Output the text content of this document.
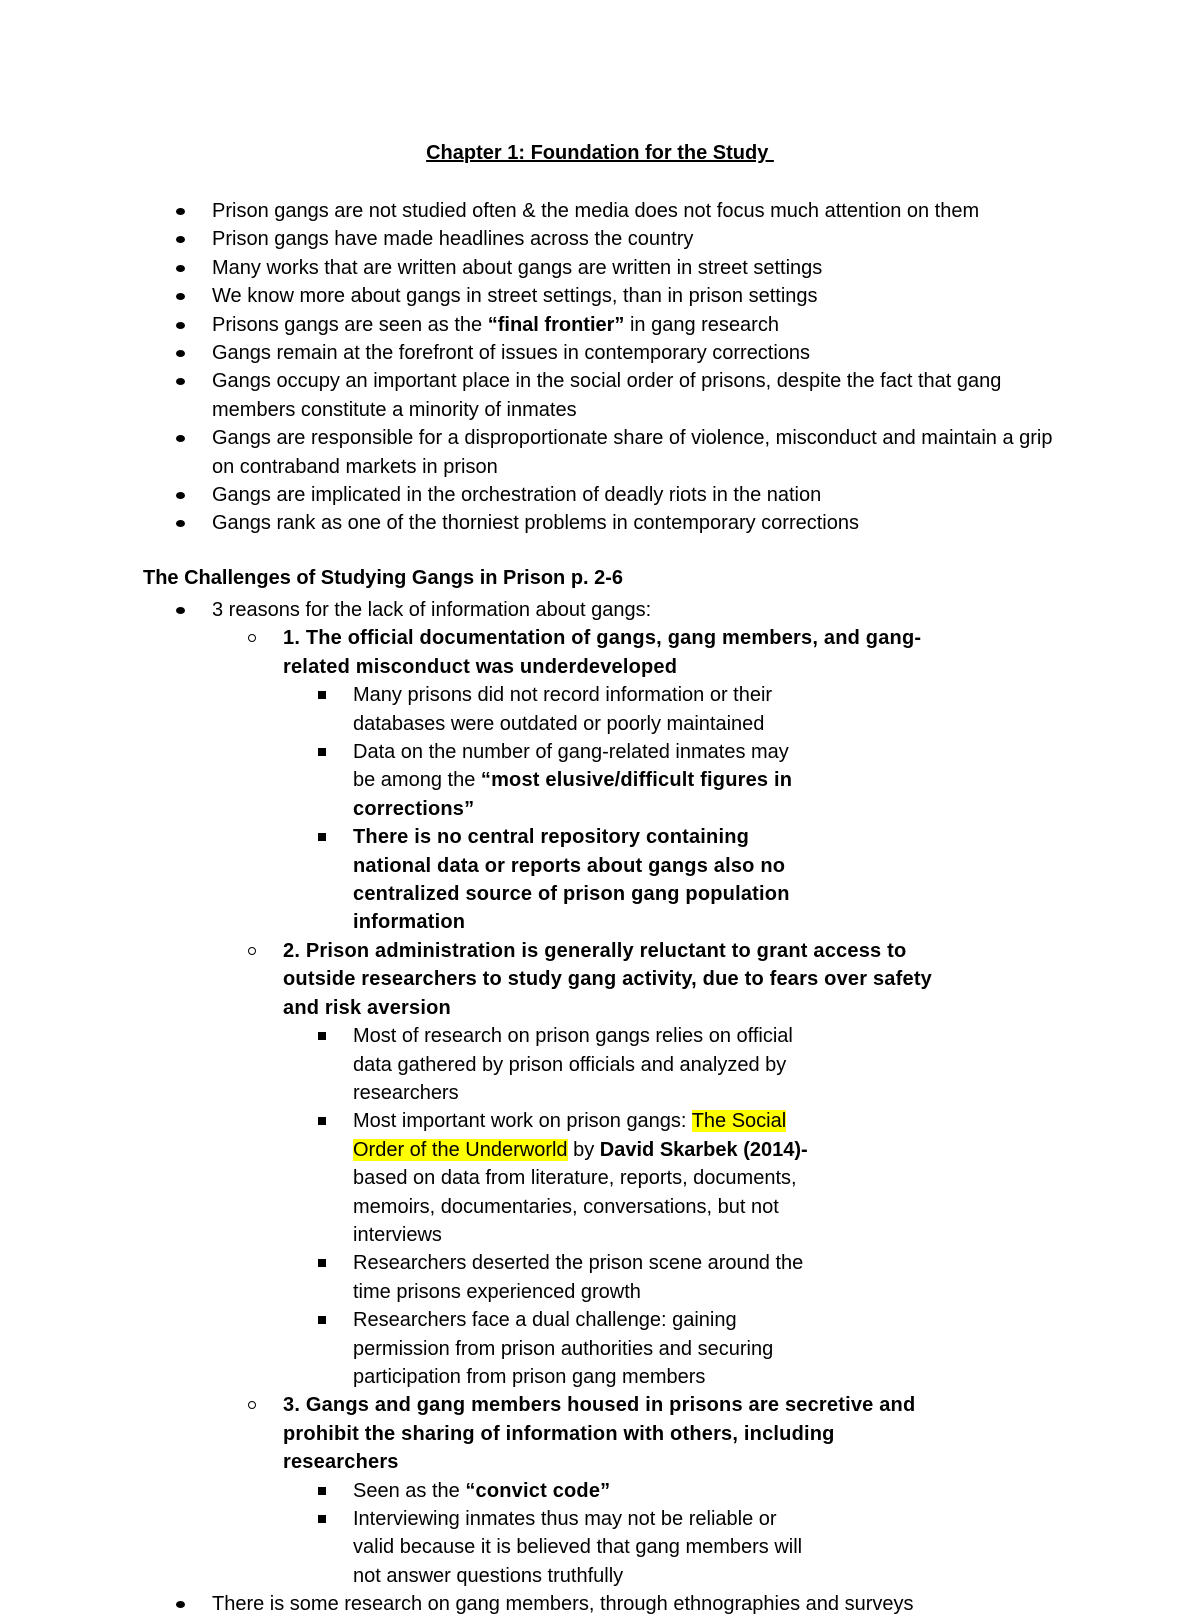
Chapter 1: Foundation for the Study
Prison gangs are not studied often & the media does not focus much attention on them
Prison gangs have made headlines across the country
Many works that are written about gangs are written in street settings
We know more about gangs in street settings, than in prison settings
Prisons gangs are seen as the “final frontier” in gang research
Gangs remain at the forefront of issues in contemporary corrections
Gangs occupy an important place in the social order of prisons, despite the fact that gang members constitute a minority of inmates
Gangs are responsible for a disproportionate share of violence, misconduct and maintain a grip on contraband markets in prison
Gangs are implicated in the orchestration of deadly riots in the nation
Gangs rank as one of the thorniest problems in contemporary corrections
The Challenges of Studying Gangs in Prison p. 2-6
3 reasons for the lack of information about gangs:
1. The official documentation of gangs, gang members, and gang-related misconduct was underdeveloped
Many prisons did not record information or their databases were outdated or poorly maintained
Data on the number of gang-related inmates may be among the “most elusive/difficult figures in corrections”
There is no central repository containing national data or reports about gangs also no centralized source of prison gang population information
2. Prison administration is generally reluctant to grant access to outside researchers to study gang activity, due to fears over safety and risk aversion
Most of research on prison gangs relies on official data gathered by prison officials and analyzed by researchers
Most important work on prison gangs: The Social Order of the Underworld by David Skarbek (2014)- based on data from literature, reports, documents, memoirs, documentaries, conversations, but not interviews
Researchers deserted the prison scene around the time prisons experienced growth
Researchers face a dual challenge: gaining permission from prison authorities and securing participation from prison gang members
3. Gangs and gang members housed in prisons are secretive and prohibit the sharing of information with others, including researchers
Seen as the “convict code”
Interviewing inmates thus may not be reliable or valid because it is believed that gang members will not answer questions truthfully
There is some research on gang members, through ethnographies and surveys
